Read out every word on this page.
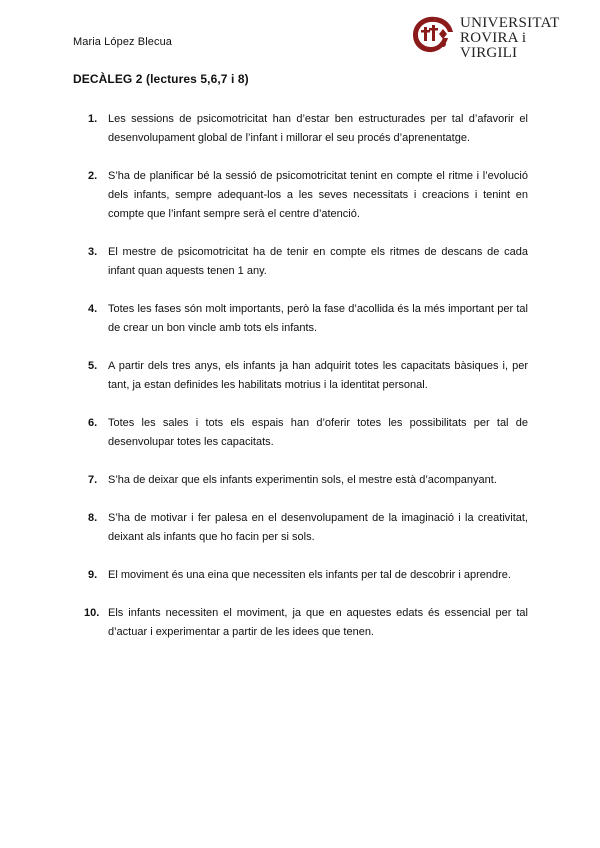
Maria López Blecua
UNIVERSITAT
ROVIRA i VIRGILI
DECÀLEG 2 (lectures 5,6,7 i 8)
1. Les sessions de psicomotricitat han d’estar ben estructurades per tal d’afavorir el desenvolupament global de l’infant i millorar el seu procés d’aprenentatge.
2. S’ha de planificar bé la sessió de psicomotricitat tenint en compte el ritme i l’evolució dels infants, sempre adequant-los a les seves necessitats i creacions i tenint en compte que l’infant sempre serà el centre d’atenció.
3. El mestre de psicomotricitat ha de tenir en compte els ritmes de descans de cada infant quan aquests tenen 1 any.
4. Totes les fases són molt importants, però la fase d’acollida és la més important per tal de crear un bon vincle amb tots els infants.
5. A partir dels tres anys, els infants ja han adquirit totes les capacitats bàsiques i, per tant, ja estan definides les habilitats motrius i la identitat personal.
6. Totes les sales i tots els espais han d’oferir totes les possibilitats per tal de desenvolupar totes les capacitats.
7. S’ha de deixar que els infants experimentin sols, el mestre està d’acompanyant.
8. S’ha de motivar i fer palesa en el desenvolupament de la imaginació i la creativitat, deixant als infants que ho facin per si sols.
9. El moviment és una eina que necessiten els infants per tal de descobrir i aprendre.
10. Els infants necessiten el moviment, ja que en aquestes edats és essencial per tal d’actuar i experimentar a partir de les idees que tenen.
